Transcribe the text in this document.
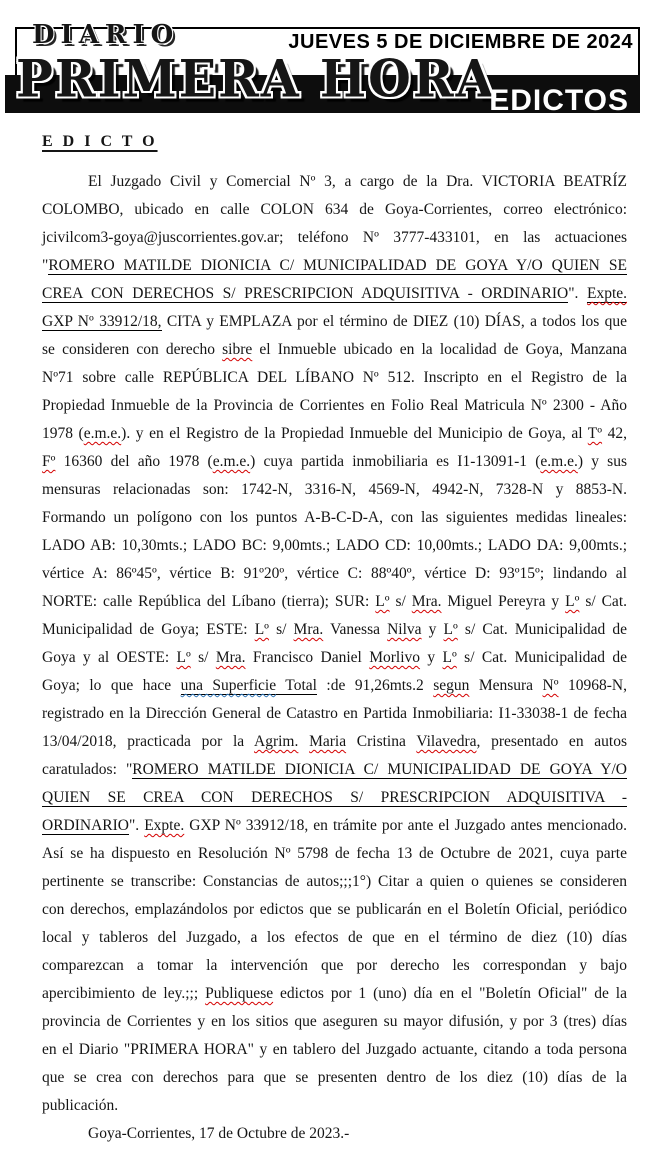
DIARIO
PRIMERA HORA
JUEVES 5 DE DICIEMBRE DE 2024
EDICTOS
E D I C T O

El Juzgado Civil y Comercial Nº 3, a cargo de la Dra. VICTORIA BEATRÍZ COLOMBO, ubicado en calle COLON 634 de Goya-Corrientes, correo electrónico: jcivilcom3-goya@juscorrientes.gov.ar; teléfono Nº 3777-433101, en las actuaciones "ROMERO MATILDE DIONICIA C/ MUNICIPALIDAD DE GOYA Y/O QUIEN SE CREA CON DERECHOS S/ PRESCRIPCION ADQUISITIVA - ORDINARIO". Expte. GXP Nº 33912/18, CITA y EMPLAZA por el término de DIEZ (10) DÍAS, a todos los que se consideren con derecho sibre el Inmueble ubicado en la localidad de Goya, Manzana Nº71 sobre calle REPÚBLICA DEL LÍBANO Nº 512. Inscripto en el Registro de la Propiedad Inmueble de la Provincia de Corrientes en Folio Real Matricula Nº 2300 - Año 1978 (e.m.e.). y en el Registro de la Propiedad Inmueble del Municipio de Goya, al Tº 42, Fº 16360 del año 1978 (e.m.e.) cuya partida inmobiliaria es I1-13091-1 (e.m.e.) y sus mensuras relacionadas son: 1742-N, 3316-N, 4569-N, 4942-N, 7328-N y 8853-N. Formando un polígono con los puntos A-B-C-D-A, con las siguientes medidas lineales: LADO AB: 10,30mts.; LADO BC: 9,00mts.; LADO CD: 10,00mts.; LADO DA: 9,00mts.; vértice A: 86º45º, vértice B: 91º20º, vértice C: 88º40º, vértice D: 93º15º; lindando al NORTE: calle República del Líbano (tierra); SUR: Lº s/ Mra. Miguel Pereyra y Lº s/ Cat. Municipalidad de Goya; ESTE: Lº s/ Mra. Vanessa Nilva y Lº s/ Cat. Municipalidad de Goya y al OESTE: Lº s/ Mra. Francisco Daniel Morlivo y Lº s/ Cat. Municipalidad de Goya; lo que hace una Superficie Total :de 91,26mts.2 segun Mensura Nº 10968-N, registrado en la Dirección General de Catastro en Partida Inmobiliaria: I1-33038-1 de fecha 13/04/2018, practicada por la Agrim. Maria Cristina Vilavedra, presentado en autos caratulados: "ROMERO MATILDE DIONICIA C/ MUNICIPALIDAD DE GOYA Y/O QUIEN SE CREA CON DERECHOS S/ PRESCRIPCION ADQUISITIVA - ORDINARIO". Expte. GXP Nº 33912/18, en trámite por ante el Juzgado antes mencionado. Así se ha dispuesto en Resolución Nº 5798 de fecha 13 de Octubre de 2021, cuya parte pertinente se transcribe: Constancias de autos;;;1°) Citar a quien o quienes se consideren con derechos, emplazándolos por edictos que se publicarán en el Boletín Oficial, periódico local y tableros del Juzgado, a los efectos de que en el término de diez (10) días comparezcan a tomar la intervención que por derecho les correspondan y bajo apercibimiento de ley.;;; Publiquese edictos por 1 (uno) día en el "Boletín Oficial" de la provincia de Corrientes y en los sitios que aseguren su mayor difusión, y por 3 (tres) días en el Diario "PRIMERA HORA" y en tablero del Juzgado actuante, citando a toda persona que se crea con derechos para que se presenten dentro de los diez (10) días de la publicación.

Goya-Corrientes, 17 de Octubre de 2023.-
